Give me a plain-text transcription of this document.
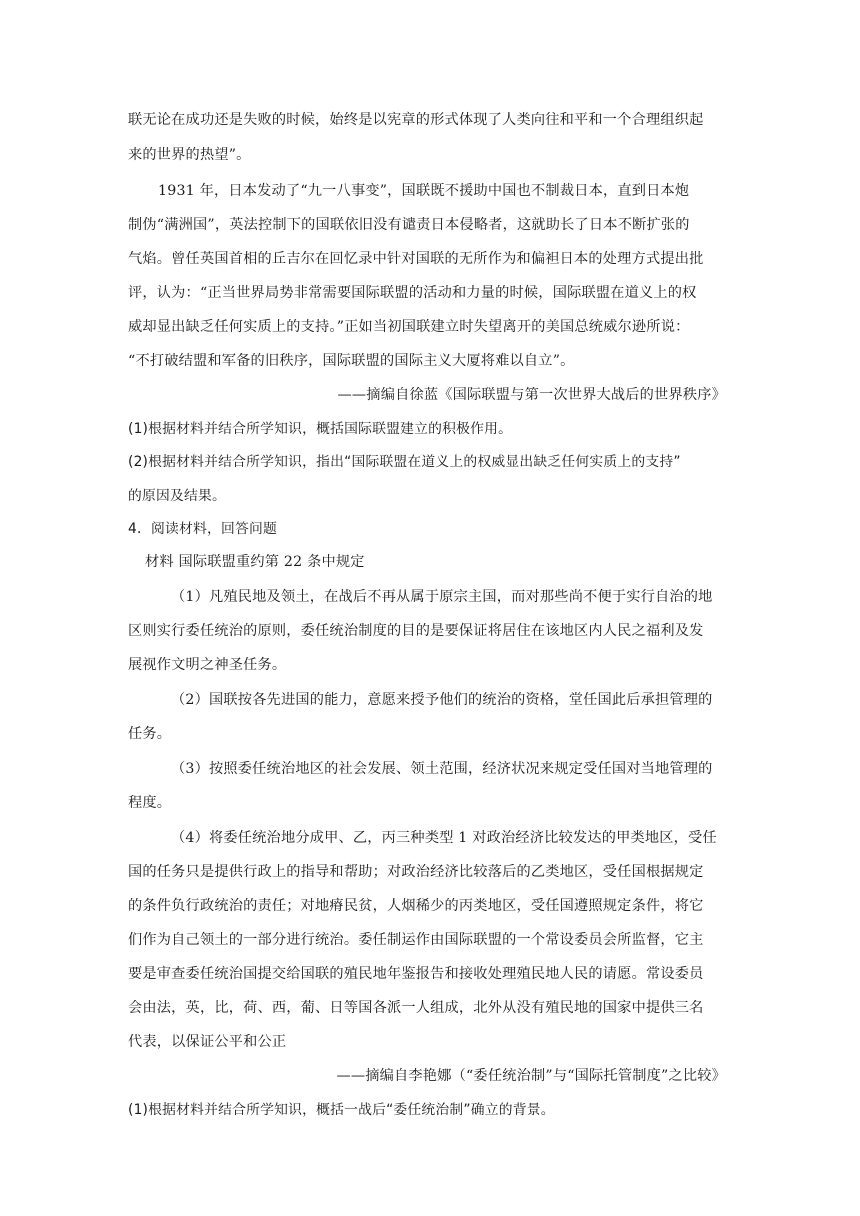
联无论在成功还是失败的时候，始终是以宪章的形式体现了人类向往和平和一个合理组织起
来的世界的热望”。
1931 年，日本发动了“九一八事变”，国联既不援助中国也不制裁日本，直到日本炮
制伪“满洲国”，英法控制下的国联依旧没有谴责日本侵略者，这就助长了日本不断扩张的
气焰。曾任英国首相的丘吉尔在回忆录中针对国联的无所作为和偏袒日本的处理方式提出批
评，认为：“正当世界局势非常需要国际联盟的活动和力量的时候，国际联盟在道义上的权
威却显出缺乏任何实质上的支持。”正如当初国联建立时失望离开的美国总统威尔逊所说：
“不打破结盟和军备的旧秩序，国际联盟的国际主义大厦将难以自立”。
——摘编自徐蓝《国际联盟与第一次世界大战后的世界秩序》
(1)根据材料并结合所学知识，概括国际联盟建立的积极作用。
(2)根据材料并结合所学知识，指出“国际联盟在道义上的权威显出缺乏任何实质上的支持”
的原因及结果。
4．阅读材料，回答问题
材料 国际联盟重约第 22 条中规定
（1）凡殖民地及领土，在战后不再从属于原宗主国，而对那些尚不便于实行自治的地
区则实行委任统治的原则，委任统治制度的目的是要保证将居住在该地区内人民之福利及发
展视作文明之神圣任务。
（2）国联按各先进国的能力，意愿来授予他们的统治的资格，堂任国此后承担管理的
任务。
（3）按照委任统治地区的社会发展、领土范围，经济状况来规定受任国对当地管理的
程度。
（4）将委任统治地分成甲、乙，丙三种类型 1 对政治经济比较发达的甲类地区，受任
国的任务只是提供行政上的指导和帮助；对政治经济比较落后的乙类地区，受任国根据规定
的条件负行政统治的责任；对地瘠民贫，人烟稀少的丙类地区，受任国遵照规定条件，将它
们作为自己领土的一部分进行统治。委任制运作由国际联盟的一个常设委员会所监督，它主
要是审查委任统治国提交给国联的殖民地年鉴报告和接收处理殖民地人民的请愿。常设委员
会由法，英，比，荷、西，葡、日等国各派一人组成，北外从没有殖民地的国家中提供三名
代表，以保证公平和公正
——摘编自李艳娜（“委任统治制”与“国际托管制度”之比较》
(1)根据材料并结合所学知识，概括一战后“委任统治制”确立的背景。
